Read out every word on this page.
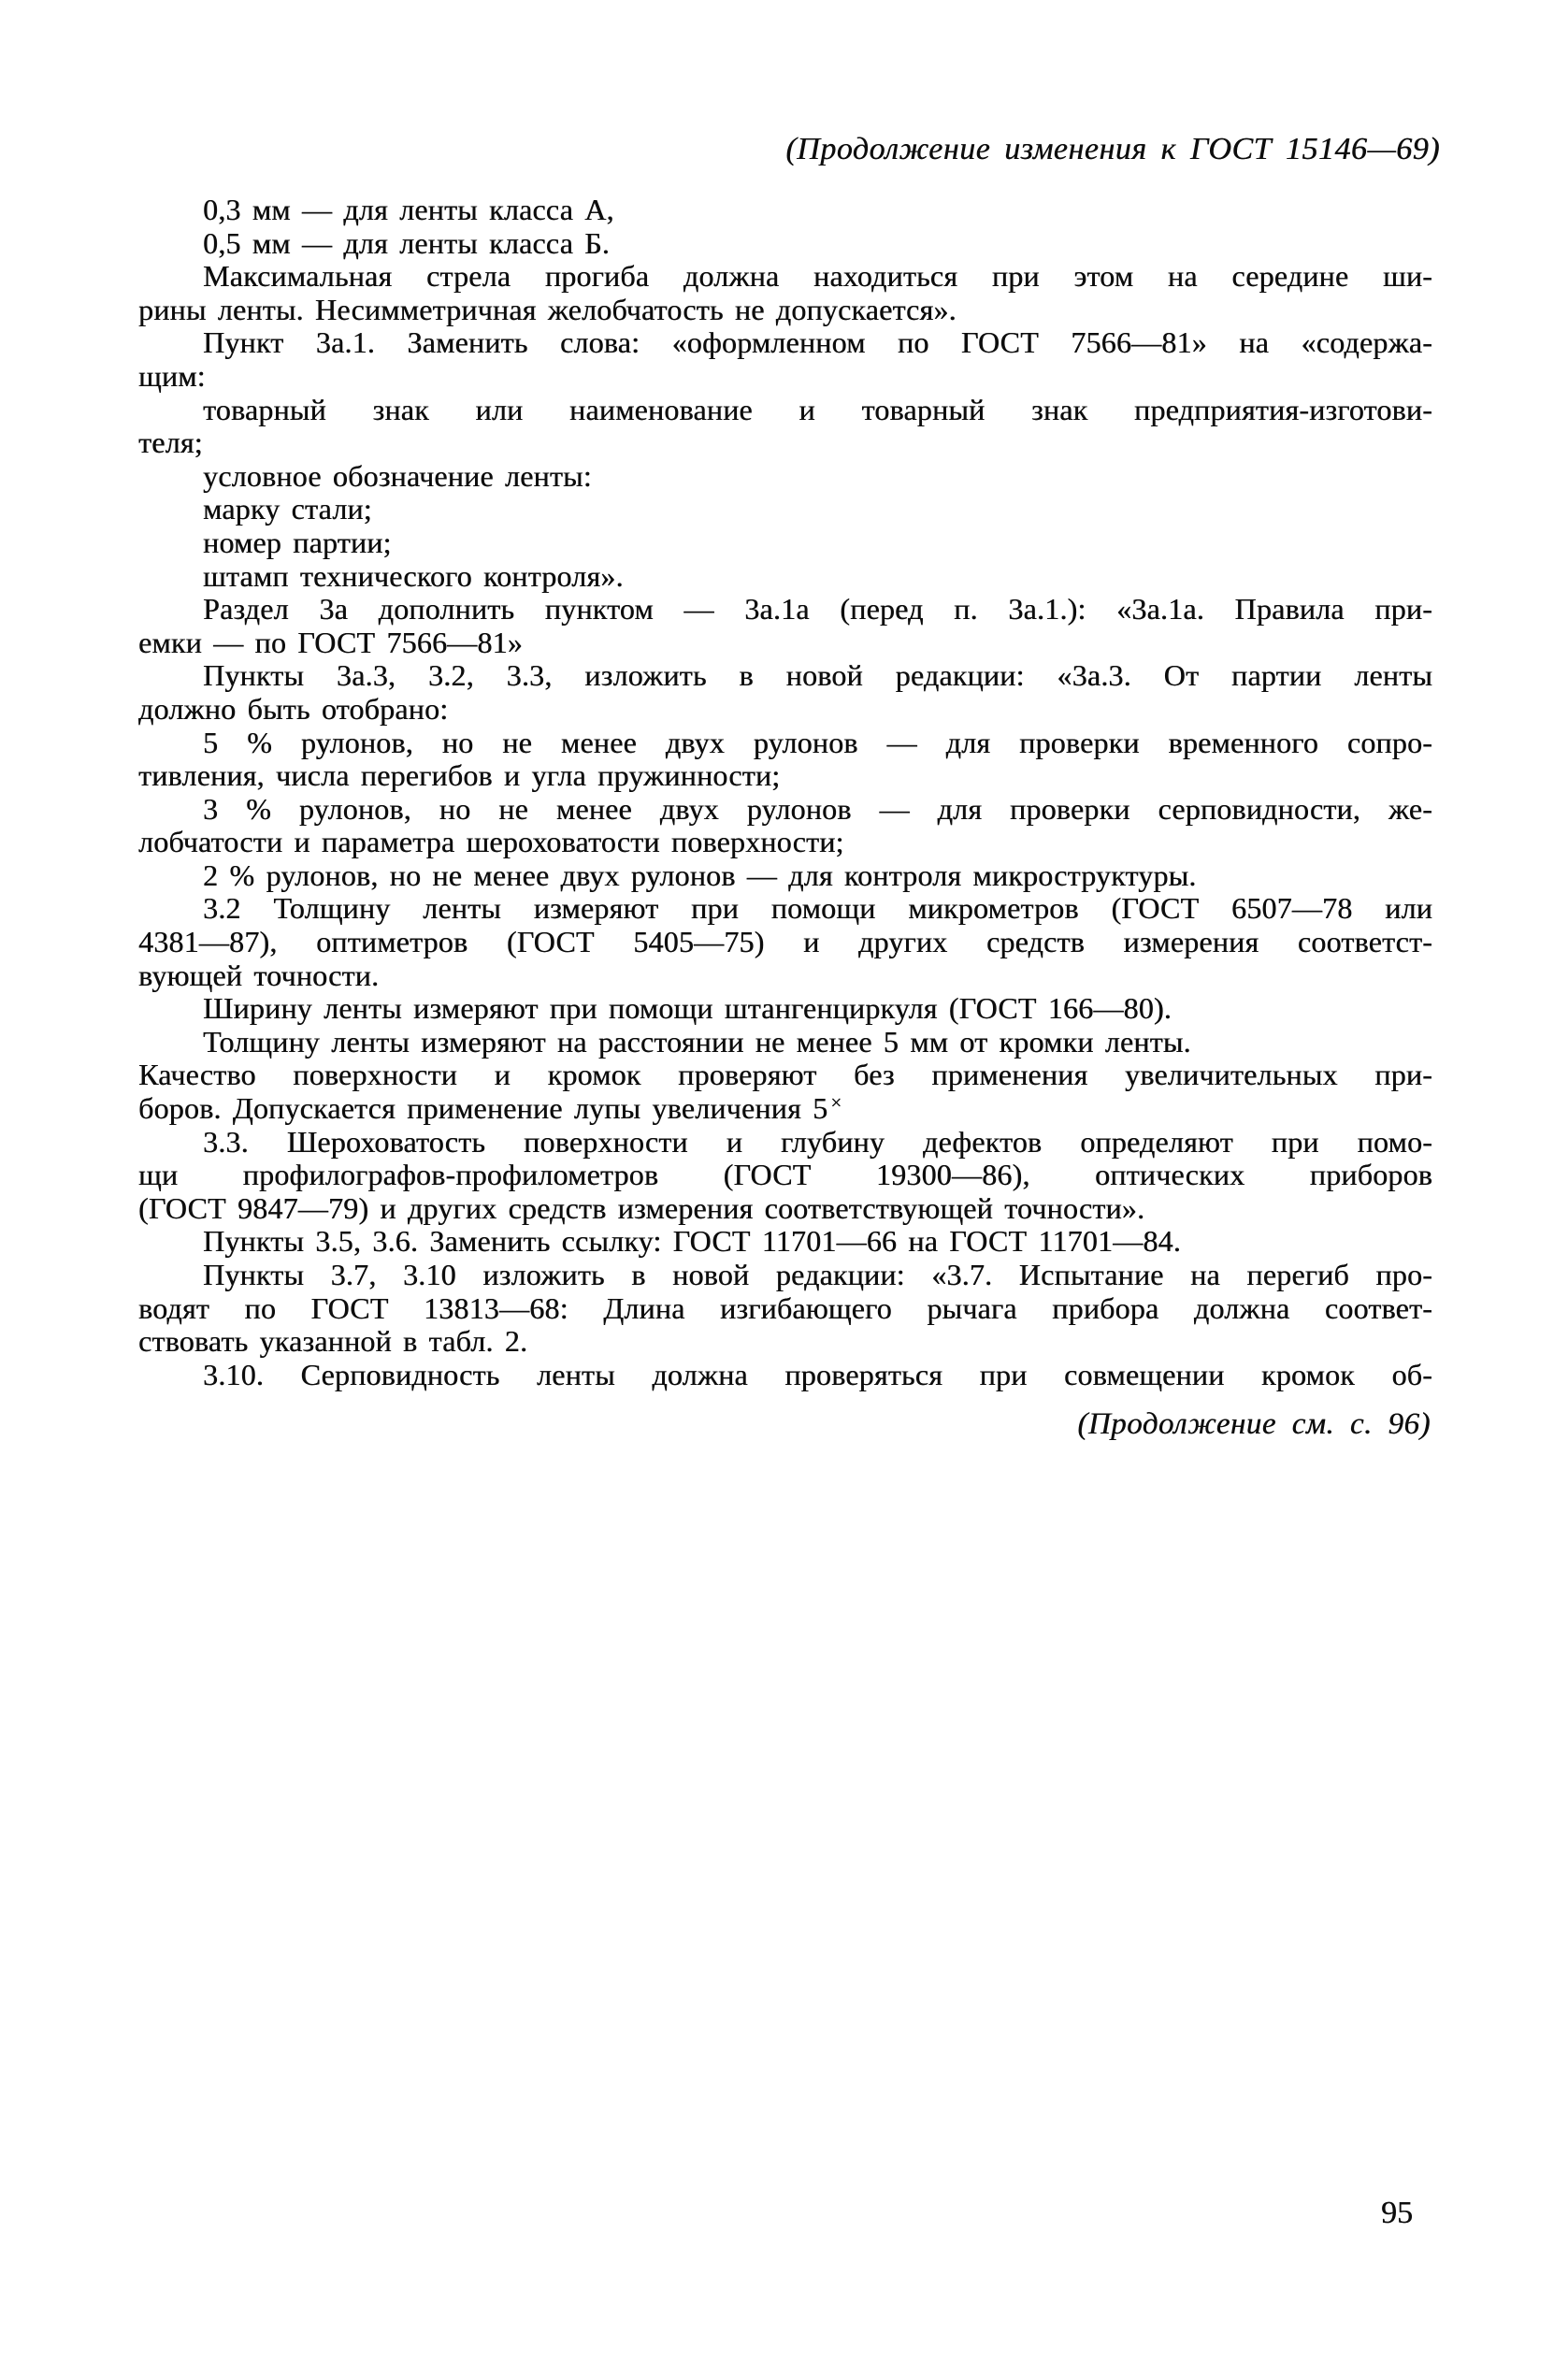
(Продолжение изменения к ГОСТ 15146—69)
0,3 мм — для ленты класса А,
0,5 мм — для ленты класса Б.
Максимальная стрела прогиба должна находиться при этом на середине ши-
рины ленты. Несимметричная желобчатость не допускается».
Пункт 3а.1. Заменить слова: «оформленном по ГОСТ 7566—81» на «содержа-
щим:
товарный знак или наименование и товарный знак предприятия-изготови-
теля;
условное обозначение ленты:
марку стали;
номер партии;
штамп технического контроля».
Раздел 3а дополнить пунктом — 3а.1а (перед п. 3а.1.): «3а.1а. Правила при-
емки — по ГОСТ 7566—81»
Пункты 3а.3, 3.2, 3.3, изложить в новой редакции: «3а.3. От партии ленты
должно быть отобрано:
5 % рулонов, но не менее двух рулонов — для проверки временного сопро-
тивления, числа перегибов и угла пружинности;
3 % рулонов, но не менее двух рулонов — для проверки серповидности, же-
лобчатости и параметра шероховатости поверхности;
2 % рулонов, но не менее двух рулонов — для контроля микроструктуры.
3.2 Толщину ленты измеряют при помощи микрометров (ГОСТ 6507—78 или
4381—87), оптиметров (ГОСТ 5405—75) и других средств измерения соответст-
вующей точности.
Ширину ленты измеряют при помощи штангенциркуля (ГОСТ 166—80).
Толщину ленты измеряют на расстоянии не менее 5 мм от кромки ленты.
Качество поверхности и кромок проверяют без применения увеличительных при-
боров. Допускается применение лупы увеличения 5 ×
3.3. Шероховатость поверхности и глубину дефектов определяют при помо-
щи профилографов-профилометров (ГОСТ 19300—86), оптических приборов
(ГОСТ 9847—79) и других средств измерения соответствующей точности».
Пункты 3.5, 3.6. Заменить ссылку: ГОСТ 11701—66 на ГОСТ 11701—84.
Пункты 3.7, 3.10 изложить в новой редакции: «3.7. Испытание на перегиб про-
водят по ГОСТ 13813—68: Длина изгибающего рычага прибора должна соответ-
ствовать указанной в табл. 2.
3.10. Серповидность ленты должна проверяться при совмещении кромок об-
(Продолжение см. с. 96)
95
